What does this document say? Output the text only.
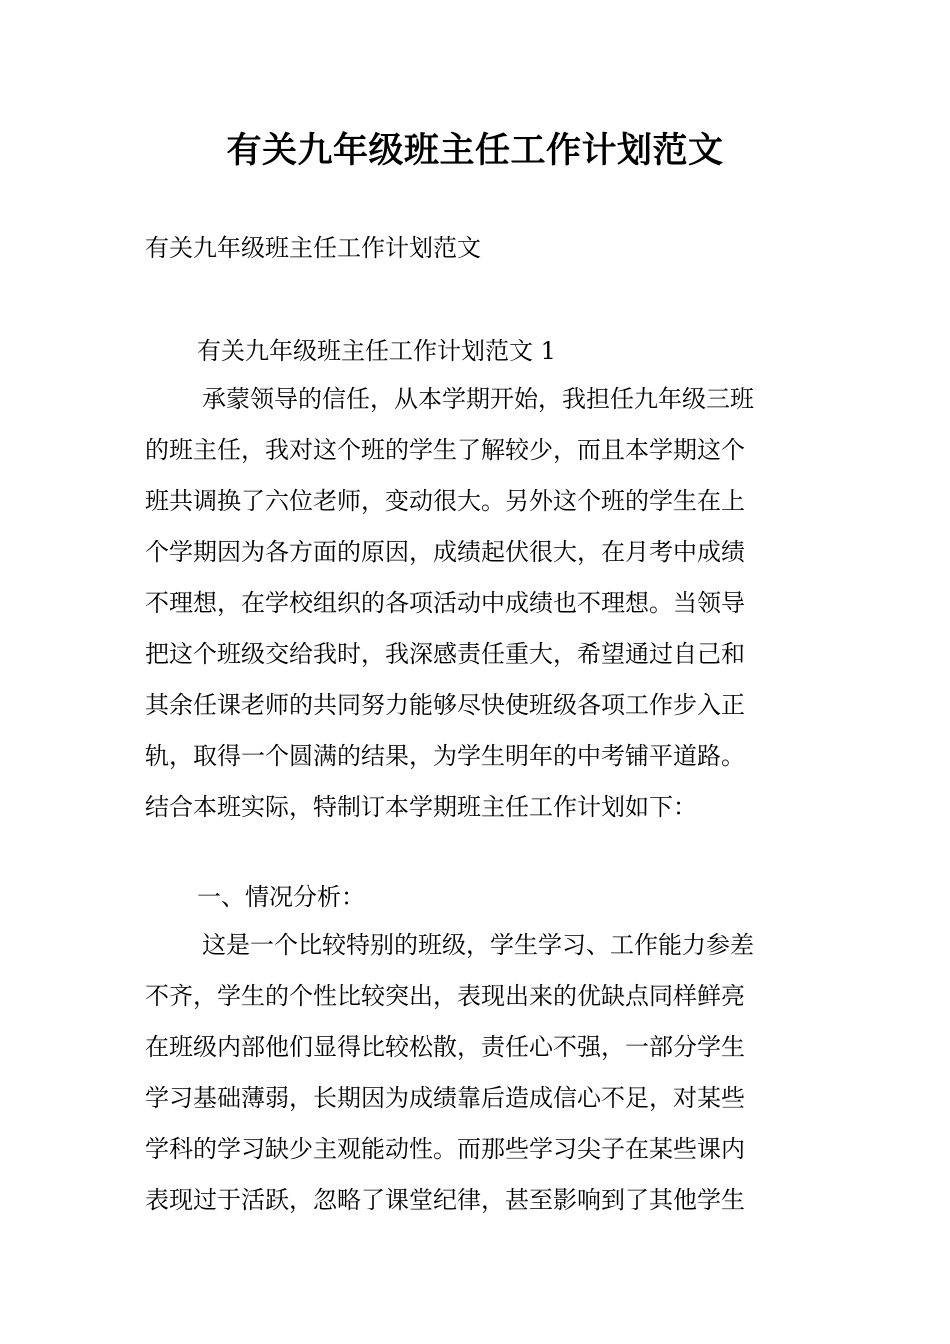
有关九年级班主任工作计划范文

有关九年级班主任工作计划范文

有关九年级班主任工作计划范文 1

承蒙领导的信任，从本学期开始，我担任九年级三班
的班主任，我对这个班的学生了解较少，而且本学期这个
班共调换了六位老师，变动很大。另外这个班的学生在上
个学期因为各方面的原因，成绩起伏很大，在月考中成绩
不理想，在学校组织的各项活动中成绩也不理想。当领导
把这个班级交给我时，我深感责任重大，希望通过自己和
其余任课老师的共同努力能够尽快使班级各项工作步入正
轨，取得一个圆满的结果，为学生明年的中考铺平道路。
结合本班实际，特制订本学期班主任工作计划如下：

一、情况分析：

这是一个比较特别的班级，学生学习、工作能力参差
不齐，学生的个性比较突出，表现出来的优缺点同样鲜亮
在班级内部他们显得比较松散，责任心不强，一部分学生
学习基础薄弱，长期因为成绩靠后造成信心不足，对某些
学科的学习缺少主观能动性。而那些学习尖子在某些课内
表现过于活跃，忽略了课堂纪律，甚至影响到了其他学生
